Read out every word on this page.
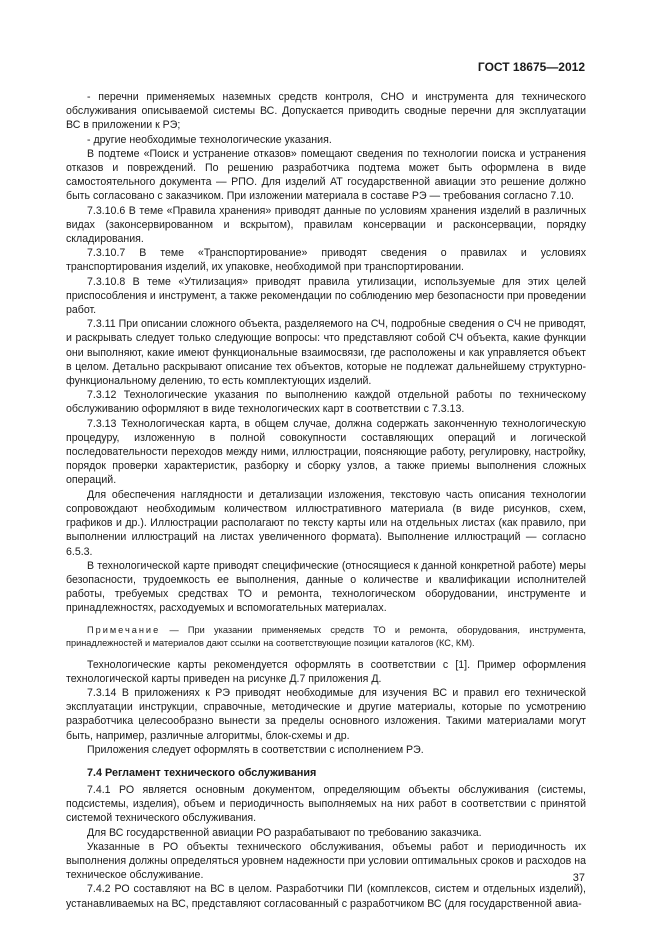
ГОСТ 18675—2012

- перечни применяемых наземных средств контроля, СНО и инструмента для технического обслуживания описываемой системы ВС. Допускается приводить сводные перечни для эксплуатации ВС в приложении к РЭ;

- другие необходимые технологические указания.

В подтеме «Поиск и устранение отказов» помещают сведения по технологии поиска и устранения отказов и повреждений. По решению разработчика подтема может быть оформлена в виде самостоятельного документа — РПО. Для изделий АТ государственной авиации это решение должно быть согласовано с заказчиком. При изложении материала в составе РЭ — требования согласно 7.10.

7.3.10.6 В теме «Правила хранения» приводят данные по условиям хранения изделий в различных видах (законсервированном и вскрытом), правилам консервации и расконсервации, порядку складирования.

7.3.10.7 В теме «Транспортирование» приводят сведения о правилах и условиях транспортирования изделий, их упаковке, необходимой при транспортировании.

7.3.10.8 В теме «Утилизация» приводят правила утилизации, используемые для этих целей приспособления и инструмент, а также рекомендации по соблюдению мер безопасности при проведении работ.

7.3.11 При описании сложного объекта, разделяемого на СЧ, подробные сведения о СЧ не приводят, и раскрывать следует только следующие вопросы: что представляют собой СЧ объекта, какие функции они выполняют, какие имеют функциональные взаимосвязи, где расположены и как управляется объект в целом. Детально раскрывают описание тех объектов, которые не подлежат дальнейшему структурно-функциональному делению, то есть комплектующих изделий.

7.3.12 Технологические указания по выполнению каждой отдельной работы по техническому обслуживанию оформляют в виде технологических карт в соответствии с 7.3.13.

7.3.13 Технологическая карта, в общем случае, должна содержать законченную технологическую процедуру, изложенную в полной совокупности составляющих операций и логической последовательности переходов между ними, иллюстрации, поясняющие работу, регулировку, настройку, порядок проверки характеристик, разборку и сборку узлов, а также приемы выполнения сложных операций.

Для обеспечения наглядности и детализации изложения, текстовую часть описания технологии сопровождают необходимым количеством иллюстративного материала (в виде рисунков, схем, графиков и др.). Иллюстрации располагают по тексту карты или на отдельных листах (как правило, при выполнении иллюстраций на листах увеличенного формата). Выполнение иллюстраций — согласно 6.5.3.

В технологической карте приводят специфические (относящиеся к данной конкретной работе) меры безопасности, трудоемкость ее выполнения, данные о количестве и квалификации исполнителей работы, требуемых средствах ТО и ремонта, технологическом оборудовании, инструменте и принадлежностях, расходуемых и вспомогательных материалах.

Примечание — При указании применяемых средств ТО и ремонта, оборудования, инструмента, принадлежностей и материалов дают ссылки на соответствующие позиции каталогов (КС, КМ).

Технологические карты рекомендуется оформлять в соответствии с [1]. Пример оформления технологической карты приведен на рисунке Д.7 приложения Д.

7.3.14 В приложениях к РЭ приводят необходимые для изучения ВС и правил его технической эксплуатации инструкции, справочные, методические и другие материалы, которые по усмотрению разработчика целесообразно вынести за пределы основного изложения. Такими материалами могут быть, например, различные алгоритмы, блок-схемы и др.

Приложения следует оформлять в соответствии с исполнением РЭ.

7.4 Регламент технического обслуживания

7.4.1 РО является основным документом, определяющим объекты обслуживания (системы, подсистемы, изделия), объем и периодичность выполняемых на них работ в соответствии с принятой системой технического обслуживания.

Для ВС государственной авиации РО разрабатывают по требованию заказчика.

Указанные в РО объекты технического обслуживания, объемы работ и периодичность их выполнения должны определяться уровнем надежности при условии оптимальных сроков и расходов на техническое обслуживание.

7.4.2 РО составляют на ВС в целом. Разработчики ПИ (комплексов, систем и отдельных изделий), устанавливаемых на ВС, представляют согласованный с разработчиком ВС (для государственной авиа-

37
